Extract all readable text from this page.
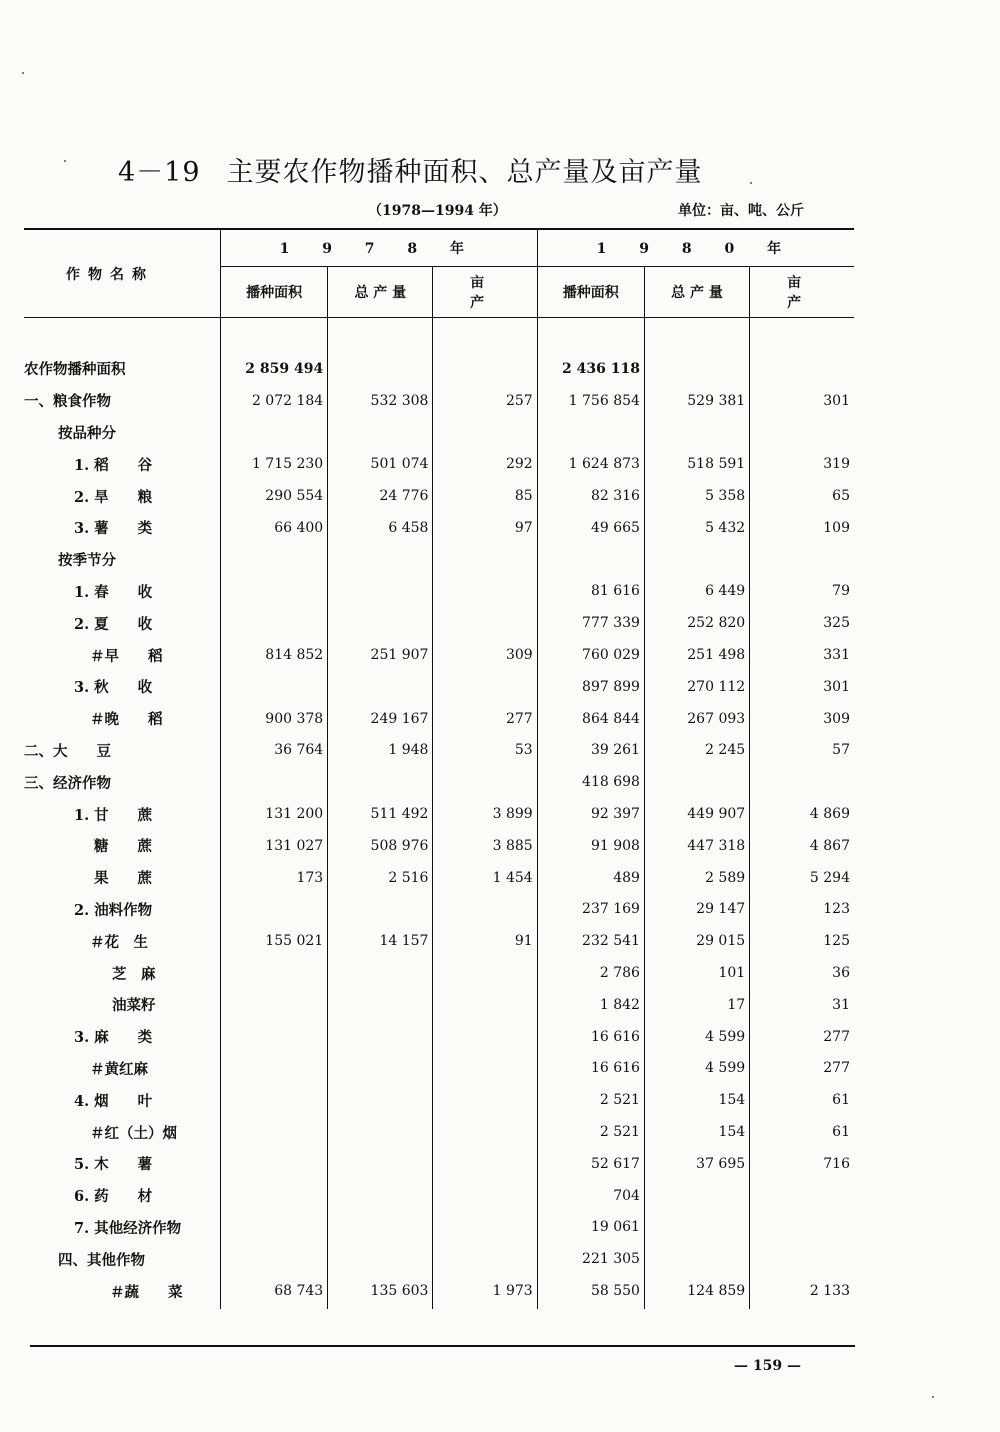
4－19 主要农作物播种面积、总产量及亩产量
（1978—1994 年）	单位：亩、吨、公斤
作物名称	1 9 7 8 年			1 9 8 0 年		
	播种面积	总 产 量	亩 产	播种面积	总 产 量	亩 产

农作物播种面积	2 859 494			2 436 118		
一、粮食作物	2 072 184	532 308	257	1 756 854	529 381	301
按品种分						
1. 稻　　谷	1 715 230	501 074	292	1 624 873	518 591	319
2. 旱　　粮	290 554	24 776	85	82 316	5 358	65
3. 薯　　类	66 400	6 458	97	49 665	5 432	109
按季节分						
1. 春　　收				81 616	6 449	79
2. 夏　　收				777 339	252 820	325
＃早　　稻	814 852	251 907	309	760 029	251 498	331
3. 秋　　收				897 899	270 112	301
＃晚　　稻	900 378	249 167	277	864 844	267 093	309
二、大　　豆	36 764	1 948	53	39 261	2 245	57
三、经济作物				418 698		
1. 甘　　蔗	131 200	511 492	3 899	92 397	449 907	4 869
糖　　蔗	131 027	508 976	3 885	91 908	447 318	4 867
果　　蔗	173	2 516	1 454	489	2 589	5 294
2. 油料作物				237 169	29 147	123
＃花　生	155 021	14 157	91	232 541	29 015	125
芝　麻				2 786	101	36
油菜籽				1 842	17	31
3. 麻　　类				16 616	4 599	277
＃黄红麻				16 616	4 599	277
4. 烟　　叶				2 521	154	61
＃红（土）烟				2 521	154	61
5. 木　　薯				52 617	37 695	716
6. 药　　材				704		
7. 其他经济作物				19 061		
四、其他作物				221 305		
＃蔬　　菜	68 743	135 603	1 973	58 550	124 859	2 133

— 159 —
